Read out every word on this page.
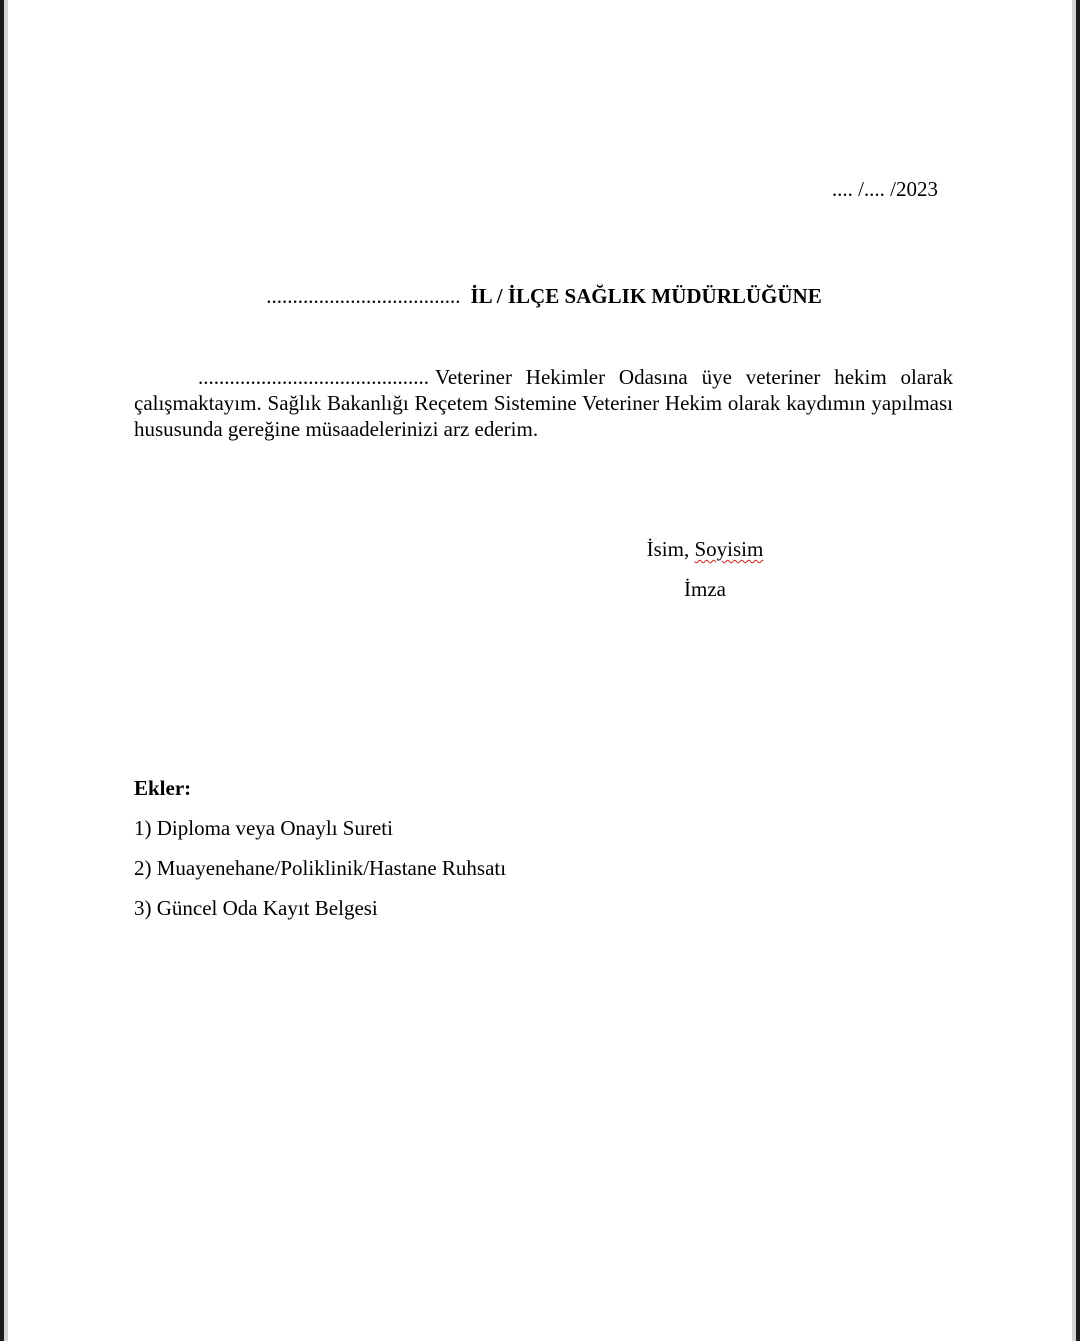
.... /.... /2023
..................................... İL / İLÇE SAĞLIK MÜDÜRLÜĞÜNE

............................................ Veteriner Hekimler Odasına üye veteriner hekim olarak çalışmaktayım. Sağlık Bakanlığı Reçetem Sistemine Veteriner Hekim olarak kaydımın yapılması hususunda gereğine müsaadelerinizi arz ederim.

İsim, Soyisim
İmza
Ekler:
1) Diploma veya Onaylı Sureti
2) Muayenehane/Poliklinik/Hastane Ruhsatı
3) Güncel Oda Kayıt Belgesi
